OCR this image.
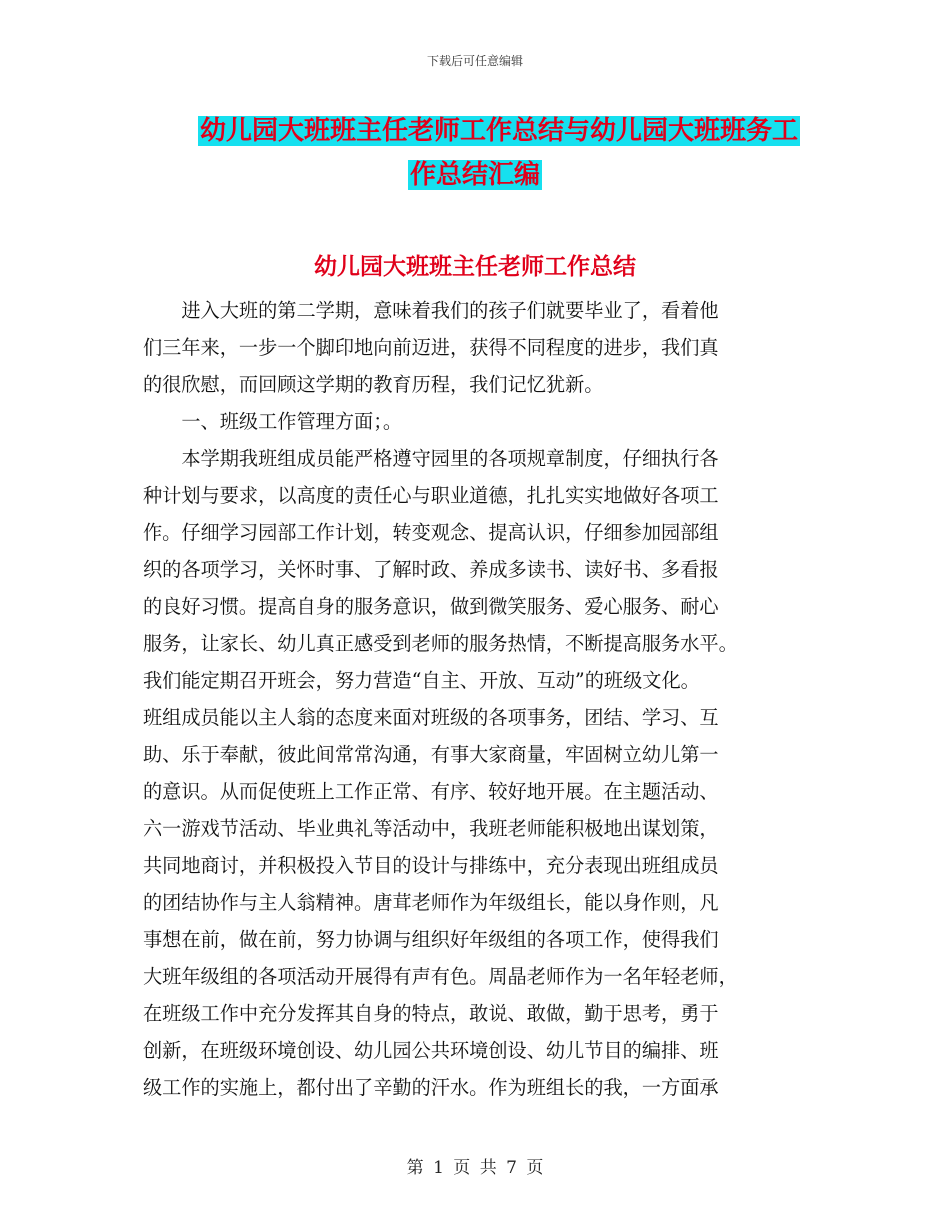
下载后可任意编辑
幼儿园大班班主任老师工作总结与幼儿园大班班务工
作总结汇编
幼儿园大班班主任老师工作总结
　　进入大班的第二学期，意味着我们的孩子们就要毕业了，看着他
们三年来，一步一个脚印地向前迈进，获得不同程度的进步，我们真
的很欣慰，而回顾这学期的教育历程，我们记忆犹新。
　　一、班级工作管理方面；。
　　本学期我班组成员能严格遵守园里的各项规章制度，仔细执行各
种计划与要求，以高度的责任心与职业道德，扎扎实实地做好各项工
作。仔细学习园部工作计划，转变观念、提高认识，仔细参加园部组
织的各项学习，关怀时事、了解时政、养成多读书、读好书、多看报
的良好习惯。提高自身的服务意识，做到微笑服务、爱心服务、耐心
服务，让家长、幼儿真正感受到老师的服务热情，不断提高服务水平。
我们能定期召开班会，努力营造“自主、开放、互动”的班级文化。
班组成员能以主人翁的态度来面对班级的各项事务，团结、学习、互
助、乐于奉献，彼此间常常沟通，有事大家商量，牢固树立幼儿第一
的意识。从而促使班上工作正常、有序、较好地开展。在主题活动、
六一游戏节活动、毕业典礼等活动中，我班老师能积极地出谋划策，
共同地商讨，并积极投入节目的设计与排练中，充分表现出班组成员
的团结协作与主人翁精神。唐茸老师作为年级组长，能以身作则，凡
事想在前，做在前，努力协调与组织好年级组的各项工作，使得我们
大班年级组的各项活动开展得有声有色。周晶老师作为一名年轻老师，
在班级工作中充分发挥其自身的特点，敢说、敢做，勤于思考，勇于
创新，在班级环境创设、幼儿园公共环境创设、幼儿节目的编排、班
级工作的实施上，都付出了辛勤的汗水。作为班组长的我，一方面承
第 1 页 共 7 页
